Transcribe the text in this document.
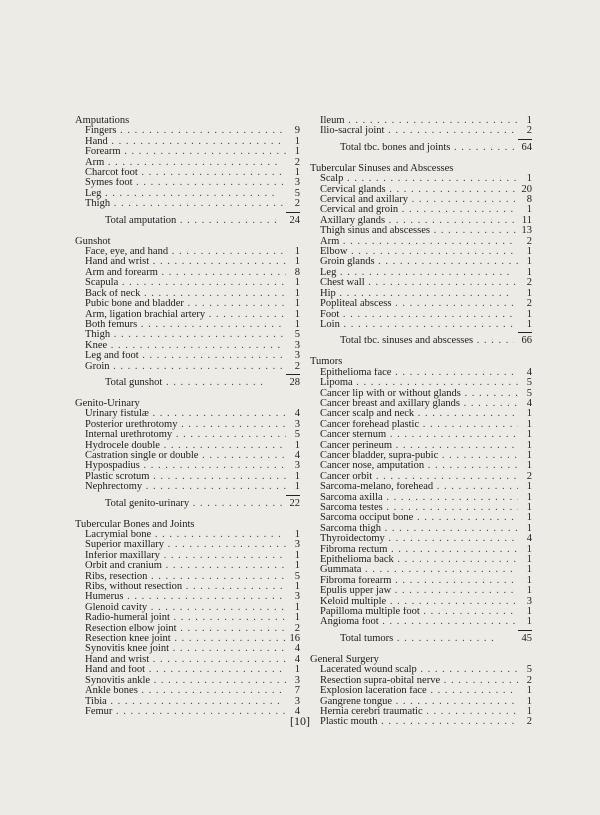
Amputations
Fingers . .	9
Hand . .	1
Forearm . .	1
Arm . .	2
Charcot foot . .	1
Symes foot . .	3
Leg . .	5
Thigh . .	2
Total amputation . .	24
Gunshot
Face, eye, and hand . .	1
Hand and wrist . .	1
Arm and forearm . .	8
Scapula . .	1
Back of neck . .	1
Pubic bone and bladder . .	1
Arm, ligation brachial artery . .	1
Both femurs . .	1
Thigh . .	5
Knee . .	3
Leg and foot . .	3
Groin . .	2
Total gunshot . .	28
Genito-Urinary
Urinary fistulæ . .	4
Posterior urethrotomy . .	3
Internal urethrotomy . .	5
Hydrocele double . .	1
Castration single or double . .	4
Hypospadius . .	3
Plastic scrotum . .	1
Nephrectomy . .	1
Total genito-urinary . .	22
Tubercular Bones and Joints
Lacrymial bone . .	1
Superior maxillary . .	3
Inferior maxillary . .	1
Orbit and cranium . .	1
Ribs, resection . .	5
Ribs, without resection . .	1
Humerus . .	3
Glenoid cavity . .	1
Radio-humeral joint . .	1
Resection elbow joint . .	2
Resection knee joint . .	16
Synovitis knee joint . .	4
Hand and wrist . .	4
Hand and foot . .	1
Synovitis ankle . .	3
Ankle bones . .	7
Tibia . .	3
Femur . .	4
Ileum . .	1
Ilio-sacral joint . .	2
Total tbc. bones and joints . .	64
Tubercular Sinuses and Abscesses
Scalp . .	1
Cervical glands . .	20
Cervical and axillary . .	8
Cervical and groin . .	1
Axillary glands . .	11
Thigh sinus and abscesses . .	13
Arm . .	2
Elbow . .	1
Groin glands . .	1
Leg . .	1
Chest wall . .	2
Hip . .	1
Popliteal abscess . .	2
Foot . .	1
Loin . .	1
Total tbc. sinuses and abscesses . .	66
Tumors
Epithelioma face . .	4
Lipoma . .	5
Cancer lip with or without glands . .	5
Cancer breast and axillary glands . .	4
Cancer scalp and neck . .	1
Cancer forehead plastic . .	1
Cancer sternum . .	1
Cancer perineum . .	1
Cancer bladder, supra-pubic . .	1
Cancer nose, amputation . .	1
Cancer orbit . .	2
Sarcoma-melano, forehead . .	1
Sarcoma axilla . .	1
Sarcoma testes . .	1
Sarcoma occiput bone . .	1
Sarcoma thigh . .	1
Thyroidectomy . .	4
Fibroma rectum . .	1
Epithelioma back . .	1
Gummata . .	1
Fibroma forearm . .	1
Epulis upper jaw . .	1
Keloid multiple . .	3
Papilloma multiple foot . .	1
Angioma foot . .	1
Total tumors . .	45
General Surgery
Lacerated wound scalp . .	5
Resection supra-obital nerve . .	2
Explosion laceration face . .	1
Gangrene tongue . .	1
Hernia cerebri traumatic . .	1
Plastic mouth . .	2
[10]
